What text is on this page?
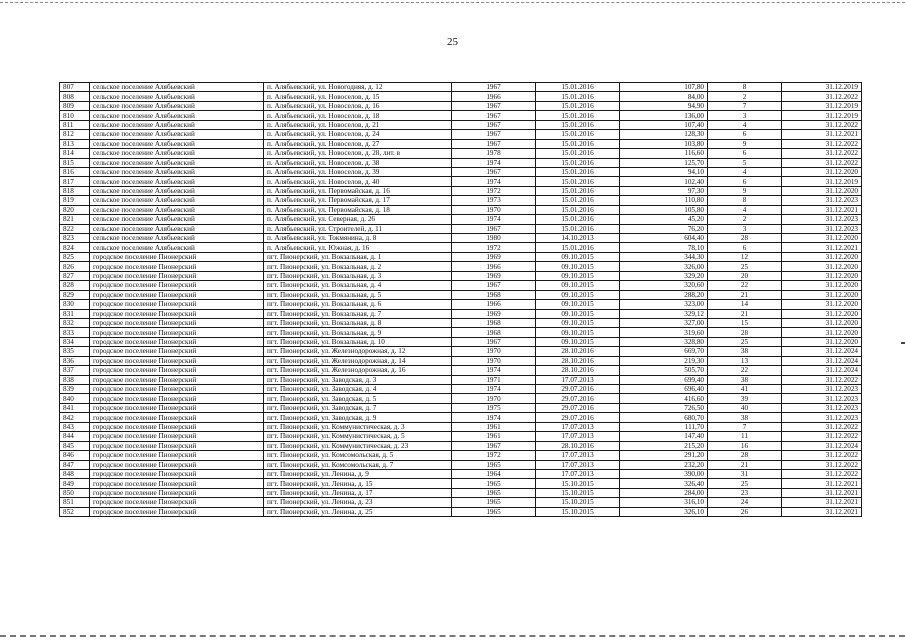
25
807	сельское поселение Алябьевский	п. Алябьевский, ул. Новогодняя, д. 12	1967	15.01.2016	107,80	8	31.12.2019
808	сельское поселение Алябьевский	п. Алябьевский, ул. Новоселов, д. 15	1966	15.01.2016	84,00	2	31.12.2022
809	сельское поселение Алябьевский	п. Алябьевский, ул. Новоселов, д. 16	1967	15.01.2016	94,90	7	31.12.2019
810	сельское поселение Алябьевский	п. Алябьевский, ул. Новоселов, д. 18	1967	15.01.2016	136,00	3	31.12.2019
811	сельское поселение Алябьевский	п. Алябьевский, ул. Новоселов, д. 21	1967	15.01.2016	107,40	4	31.12.2022
812	сельское поселение Алябьевский	п. Алябьевский, ул. Новоселов, д. 24	1967	15.01.2016	128,30	6	31.12.2021
813	сельское поселение Алябьевский	п. Алябьевский, ул. Новоселов, д. 27	1967	15.01.2016	103,80	9	31.12.2022
814	сельское поселение Алябьевский	п. Алябьевский, ул. Новоселов, д. 28, лит. в	1978	15.01.2016	116,60	6	31.12.2022
815	сельское поселение Алябьевский	п. Алябьевский, ул. Новоселов, д. 38	1974	15.01.2016	125,70	5	31.12.2022
816	сельское поселение Алябьевский	п. Алябьевский, ул. Новоселов, д. 39	1967	15.01.2016	94,10	4	31.12.2020
817	сельское поселение Алябьевский	п. Алябьевский, ул. Новоселов, д. 40	1974	15.01.2016	102,40	6	31.12.2019
818	сельское поселение Алябьевский	п. Алябьевский, ул. Первомайская, д. 16	1972	15.01.2016	97,30	9	31.12.2020
819	сельское поселение Алябьевский	п. Алябьевский, ул. Первомайская, д. 17	1973	15.01.2016	110,80	8	31.12.2023
820	сельское поселение Алябьевский	п. Алябьевский, ул. Первомайская, д. 18	1970	15.01.2016	105,80	4	31.12.2021
821	сельское поселение Алябьевский	п. Алябьевский, ул. Северная, д. 26	1974	15.01.2016	45,20	2	31.12.2023
822	сельское поселение Алябьевский	п. Алябьевский, ул. Строителей, д. 11	1967	15.01.2016	76,20	3	31.12.2023
823	сельское поселение Алябьевский	п. Алябьевский, ул. Токмянина, д. 8	1980	14.10.2013	604,40	28	31.12.2020
824	сельское поселение Алябьевский	п. Алябьевский, ул. Южная, д. 16	1972	15.01.2016	78,10	6	31.12.2021
825	городское поселение Пионерский	пгт. Пионерский, ул. Вокзальная, д. 1	1969	09.10.2015	344,30	12	31.12.2020
826	городское поселение Пионерский	пгт. Пионерский, ул. Вокзальная, д. 2	1966	09.10.2015	326,00	25	31.12.2020
827	городское поселение Пионерский	пгт. Пионерский, ул. Вокзальная, д. 3	1969	09.10.2015	329,20	20	31.12.2020
828	городское поселение Пионерский	пгт. Пионерский, ул. Вокзальная, д. 4	1967	09.10.2015	320,60	22	31.12.2020
829	городское поселение Пионерский	пгт. Пионерский, ул. Вокзальная, д. 5	1968	09.10.2015	288,20	21	31.12.2020
830	городское поселение Пионерский	пгт. Пионерский, ул. Вокзальная, д. 6	1966	09.10.2015	323,00	14	31.12.2020
831	городское поселение Пионерский	пгт. Пионерский, ул. Вокзальная, д. 7	1969	09.10.2015	329,12	21	31.12.2020
832	городское поселение Пионерский	пгт. Пионерский, ул. Вокзальная, д. 8	1968	09.10.2015	327,00	15	31.12.2020
833	городское поселение Пионерский	пгт. Пионерский, ул. Вокзальная, д. 9	1968	09.10.2015	319,60	28	31.12.2020
834	городское поселение Пионерский	пгт. Пионерский, ул. Вокзальная, д. 10	1967	09.10.2015	328,80	25	31.12.2020
835	городское поселение Пионерский	пгт. Пионерский, ул. Железнодорожная, д. 12	1970	28.10.2016	669,70	38	31.12.2024
836	городское поселение Пионерский	пгт. Пионерский, ул. Железнодорожная, д. 14	1970	28.10.2016	219,30	13	31.12.2024
837	городское поселение Пионерский	пгт. Пионерский, ул. Железнодорожная, д. 16	1974	28.10.2016	505,70	22	31.12.2024
838	городское поселение Пионерский	пгт. Пионерский, ул. Заводская, д. 3	1971	17.07.2013	699,40	38	31.12.2022
839	городское поселение Пионерский	пгт. Пионерский, ул. Заводская, д. 4	1974	29.07.2016	696,40	41	31.12.2023
840	городское поселение Пионерский	пгт. Пионерский, ул. Заводская, д. 5	1970	29.07.2016	416,60	39	31.12.2023
841	городское поселение Пионерский	пгт. Пионерский, ул. Заводская, д. 7	1975	29.07.2016	726,50	40	31.12.2023
842	городское поселение Пионерский	пгт. Пионерский, ул. Заводская, д. 9	1974	29.07.2016	680,70	38	31.12.2023
843	городское поселение Пионерский	пгт. Пионерский, ул. Коммунистическая, д. 3	1961	17.07.2013	111,70	7	31.12.2022
844	городское поселение Пионерский	пгт. Пионерский, ул. Коммунистическая, д. 5	1961	17.07.2013	147,40	11	31.12.2022
845	городское поселение Пионерский	пгт. Пионерский, ул. Коммунистическая, д. 23	1967	28.10.2016	215,20	16	31.12.2024
846	городское поселение Пионерский	пгт. Пионерский, ул. Комсомольская, д. 5	1972	17.07.2013	291,20	28	31.12.2022
847	городское поселение Пионерский	пгт. Пионерский, ул. Комсомольская, д. 7	1965	17.07.2013	232,20	21	31.12.2022
848	городское поселение Пионерский	пгт. Пионерский, ул. Ленина, д. 9	1964	17.07.2013	390,00	31	31.12.2022
849	городское поселение Пионерский	пгт. Пионерский, ул. Ленина, д. 15	1965	15.10.2015	326,40	25	31.12.2021
850	городское поселение Пионерский	пгт. Пионерский, ул. Ленина, д. 17	1965	15.10.2015	284,00	23	31.12.2021
851	городское поселение Пионерский	пгт. Пионерский, ул. Ленина, д. 23	1965	15.10.2015	316,10	24	31.12.2021
852	городское поселение Пионерский	пгт. Пионерский, ул. Ленина, д. 25	1965	15.10.2015	326,10	26	31.12.2021
